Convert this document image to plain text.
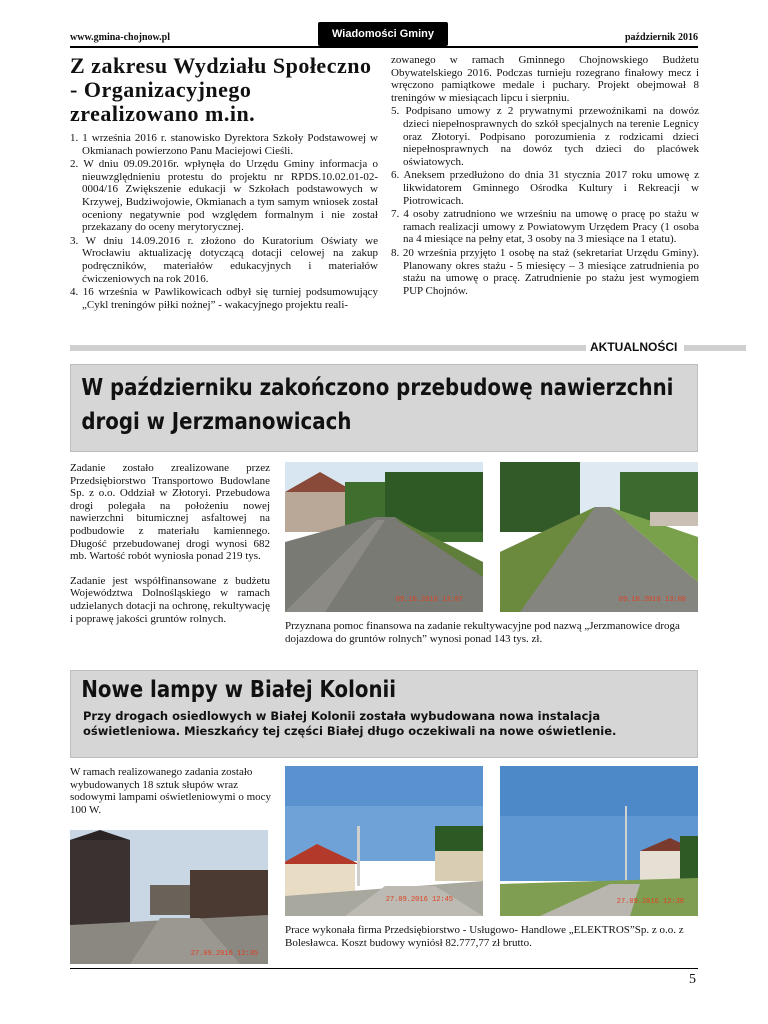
www.gmina-chojnow.pl	Wiadomości Gminy Chojnów
październik 2016
Z zakresu Wydziału Społeczno - Organizacyjnego zrealizowano m.in.
1. 1 września 2016 r. stanowisko Dyrektora Szkoły Podstawowej w Okmianach powierzono Panu Maciejowi Cieśli.
2. W dniu 09.09.2016r. wpłynęła do Urzędu Gminy informacja o nieuwzględnieniu protestu do projektu nr RPDS.10.02.01-02-0004/16 Zwiększenie edukacji w Szkołach podstawowych w Krzywej, Budziwojowie, Okmianach a tym samym wniosek został oceniony negatywnie pod względem formalnym i nie został przekazany do oceny merytorycznej.
3. W dniu 14.09.2016 r. złożono do Kuratorium Oświaty we Wrocławiu aktualizację dotyczącą dotacji celowej na zakup podręczników, materiałów edukacyjnych i materiałów ćwiczeniowych na rok 2016.
4. 16 września w Pawlikowicach odbył się turniej podsumowujący „Cykl treningów piłki nożnej” - wakacyjnego projektu reali-
zowanego w ramach Gminnego Chojnowskiego Budżetu Obywatelskiego 2016. Podczas turnieju rozegrano finałowy mecz i wręczono pamiątkowe medale i puchary. Projekt obejmował 8 treningów w miesiącach lipcu i sierpniu.
5. Podpisano umowy z 2 prywatnymi przewoźnikami na dowóz dzieci niepełnosprawnych do szkół specjalnych na terenie Legnicy oraz Złotoryi. Podpisano porozumienia z rodzicami dzieci niepełnosprawnych na dowóz tych dzieci do placówek oświatowych.
6. Aneksem przedłużono do dnia 31 stycznia 2017 roku umowę z likwidatorem Gminnego Ośrodka Kultury i Rekreacji w Piotrowicach.
7. 4 osoby zatrudniono we wrześniu na umowę o pracę po stażu w ramach realizacji umowy z Powiatowym Urzędem Pracy (1 osoba na 4 miesiące na pełny etat, 3 osoby na 3 miesiące na 1 etatu).
8. 20 września przyjęto 1 osobę na staż (sekretariat Urzędu Gminy). Planowany okres stażu - 5 miesięcy – 3 miesiące zatrudnienia po stażu na umowę o pracę. Zatrudnienie po stażu jest wymogiem PUP Chojnów.
AKTUALNOŚCI
W październiku zakończono przebudowę nawierzchni drogi w Jerzmanowicach

Zadanie zostało zrealizowane przez Przedsiębiorstwo Transportowo Budowlane Sp. z o.o. Oddział w Złotoryi. Przebudowa drogi polegała na położeniu nowej nawierzchni bitumicznej asfaltowej na podbudowie z materiału kamiennego. Długość przebudowanej drogi wynosi 682 mb. Wartość robót wyniosła ponad 219 tys.

Zadanie jest współfinansowane z budżetu Województwa Dolnośląskiego w ramach udzielanych dotacji na ochronę, rekultywację i poprawę jakości gruntów rolnych.

09.10.2016 13:07	09.10.2016 13:08
Przyznana pomoc finansowa na zadanie rekultywacyjne pod nazwą „Jerzmanowice droga dojazdowa do gruntów rolnych” wynosi ponad 143 tys. zł.
Nowe lampy w Białej Kolonii
Przy drogach osiedlowych w Białej Kolonii została wybudowana nowa instalacja oświetleniowa. Mieszkańcy tej części Białej długo oczekiwali na nowe oświetlenie.
W ramach realizowanego zadania zostało wybudowanych 18 sztuk słupów wraz sodowymi lampami oświetleniowymi o mocy 100 W.
27.09.2016 12:35
27.09.2016 12:45	27.09.2016 12:38
Prace wykonała firma Przedsiębiorstwo - Usługowo- Handlowe „ELEKTROS”Sp. z o.o. z Bolesławca. Koszt budowy wyniósł 82.777,77 zł brutto.
5
